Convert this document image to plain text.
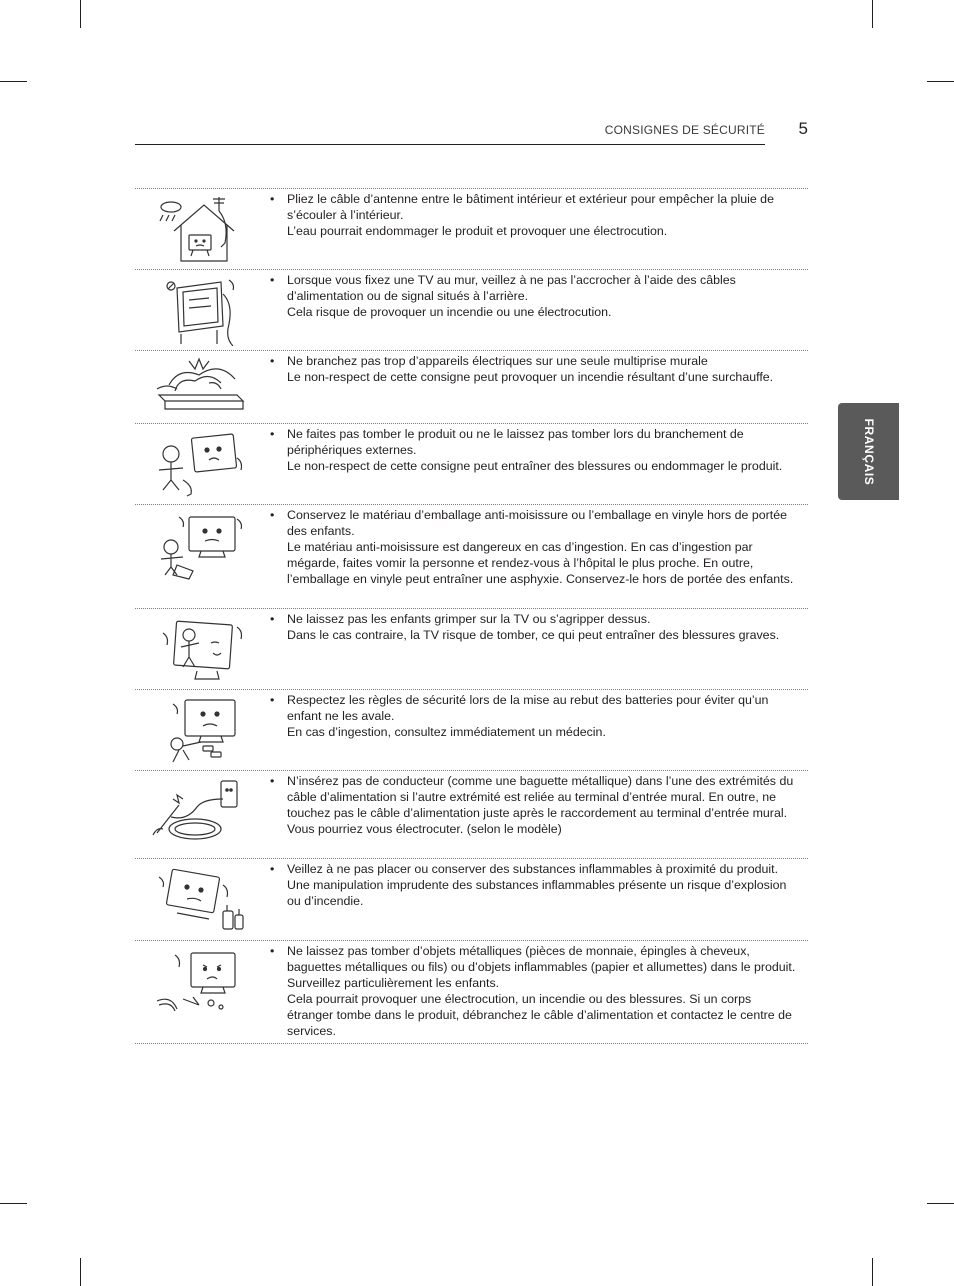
CONSIGNES DE SÉCURITÉ 5
FRANÇAIS
• Pliez le câble d’antenne entre le bâtiment intérieur et extérieur pour empêcher la pluie de s’écouler à l’intérieur.

L’eau pourrait endommager le produit et provoquer une électrocution.

• Lorsque vous fixez une TV au mur, veillez à ne pas l’accrocher à l’aide des câbles d’alimentation ou de signal situés à l’arrière.

Cela risque de provoquer un incendie ou une électrocution.

• Ne branchez pas trop d’appareils électriques sur une seule multiprise murale

Le non-respect de cette consigne peut provoquer un incendie résultant d’une surchauffe.

• Ne faites pas tomber le produit ou ne le laissez pas tomber lors du branchement de périphériques externes.

Le non-respect de cette consigne peut entraîner des blessures ou endommager le produit.

• Conservez le matériau d’emballage anti-moisissure ou l’emballage en vinyle hors de portée des enfants.

Le matériau anti-moisissure est dangereux en cas d’ingestion. En cas d’ingestion par mégarde, faites vomir la personne et rendez-vous à l’hôpital le plus proche. En outre, l’emballage en vinyle peut entraîner une asphyxie. Conservez-le hors de portée des enfants.

• Ne laissez pas les enfants grimper sur la TV ou s’agripper dessus.

Dans le cas contraire, la TV risque de tomber, ce qui peut entraîner des blessures graves.

• Respectez les règles de sécurité lors de la mise au rebut des batteries pour éviter qu’un enfant ne les avale.

En cas d’ingestion, consultez immédiatement un médecin.

• N’insérez pas de conducteur (comme une baguette métallique) dans l’une des extrémités du câble d’alimentation si l’autre extrémité est reliée au terminal d’entrée mural. En outre, ne touchez pas le câble d’alimentation juste après le raccordement au terminal d’entrée mural.

Vous pourriez vous électrocuter. (selon le modèle)

• Veillez à ne pas placer ou conserver des substances inflammables à proximité du produit.

Une manipulation imprudente des substances inflammables présente un risque d’explosion ou d’incendie.

• Ne laissez pas tomber d’objets métalliques (pièces de monnaie, épingles à cheveux, baguettes métalliques ou fils) ou d’objets inflammables (papier et allumettes) dans le produit. Surveillez particulièrement les enfants.

Cela pourrait provoquer une électrocution, un incendie ou des blessures. Si un corps étranger tombe dans le produit, débranchez le câble d’alimentation et contactez le centre de services.
